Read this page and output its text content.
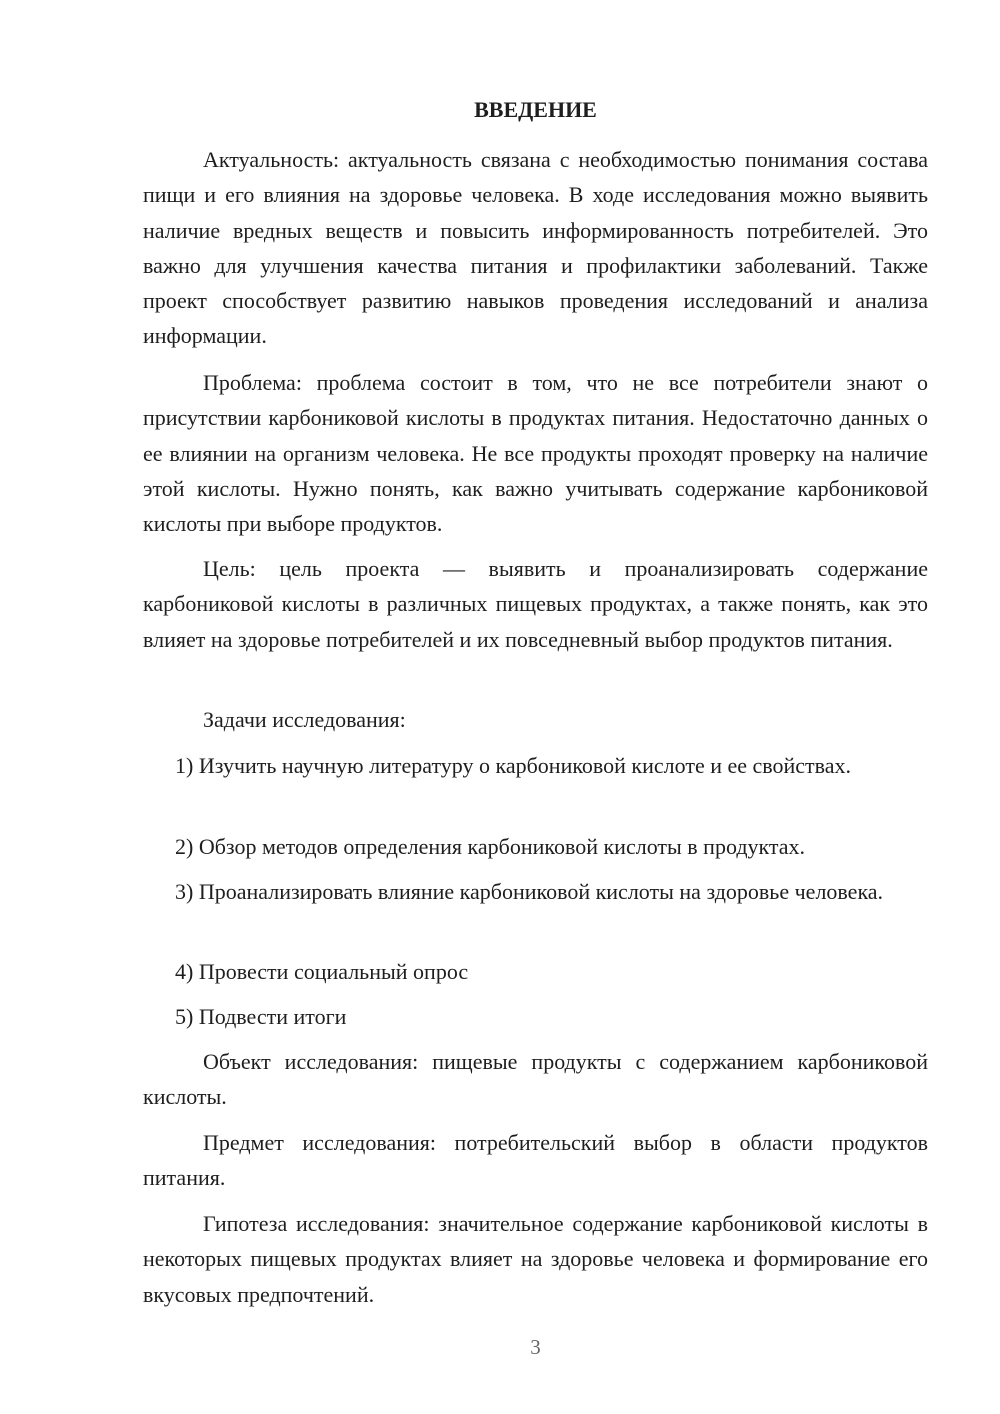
ВВЕДЕНИЕ

Актуальность: актуальность связана с необходимостью понимания состава пищи и его влияния на здоровье человека. В ходе исследования можно выявить наличие вредных веществ и повысить информированность потребителей. Это важно для улучшения качества питания и профилактики заболеваний. Также проект способствует развитию навыков проведения исследований и анализа информации.

Проблема: проблема состоит в том, что не все потребители знают о присутствии карбониковой кислоты в продуктах питания. Недостаточно данных о ее влиянии на организм человека. Не все продукты проходят проверку на наличие этой кислоты. Нужно понять, как важно учитывать содержание карбониковой кислоты при выборе продуктов.

Цель: цель проекта — выявить и проанализировать содержание карбониковой кислоты в различных пищевых продуктах, а также понять, как это влияет на здоровье потребителей и их повседневный выбор продуктов питания.

Задачи исследования:

1) Изучить научную литературу о карбониковой кислоте и ее свойствах.

2) Обзор методов определения карбониковой кислоты в продуктах.

3) Проанализировать влияние карбониковой кислоты на здоровье человека.

4) Провести социальный опрос

5) Подвести итоги

Объект исследования: пищевые продукты с содержанием карбониковой кислоты.

Предмет исследования: потребительский выбор в области продуктов питания.

Гипотеза исследования: значительное содержание карбониковой кислоты в некоторых пищевых продуктах влияет на здоровье человека и формирование его вкусовых предпочтений.

3
